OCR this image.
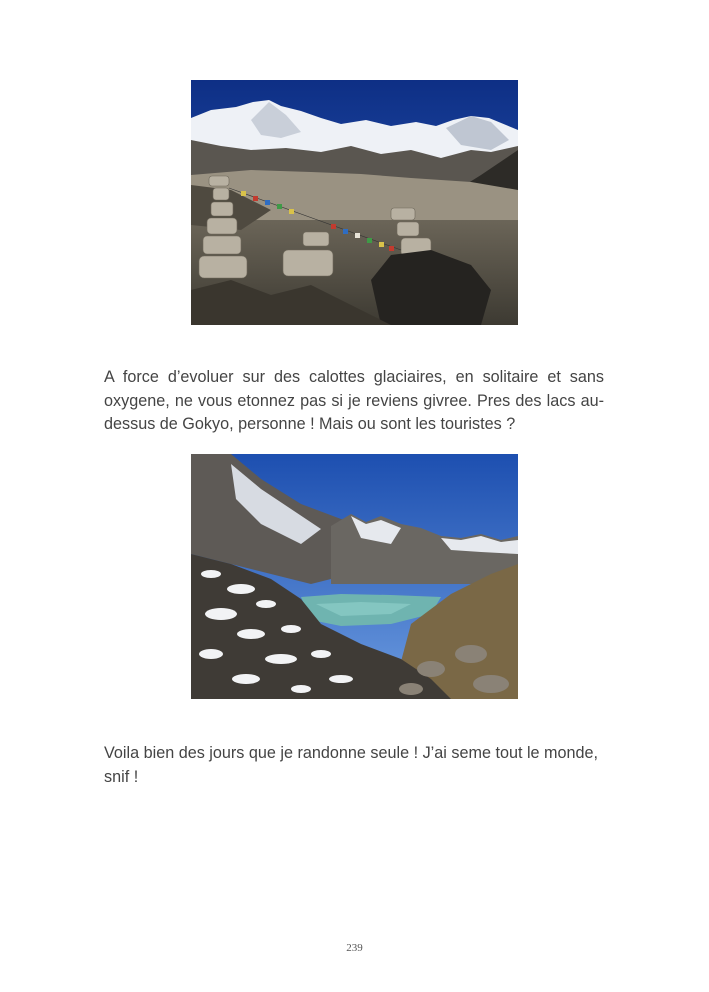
A force d’evoluer sur des calottes glaciaires, en solitaire et sans oxygene, ne vous etonnez pas si je reviens givree. Pres des lacs au-dessus de Gokyo, personne ! Mais ou sont les touristes ?

Voila bien des jours que je randonne seule ! J’ai seme tout le monde, snif !

239
